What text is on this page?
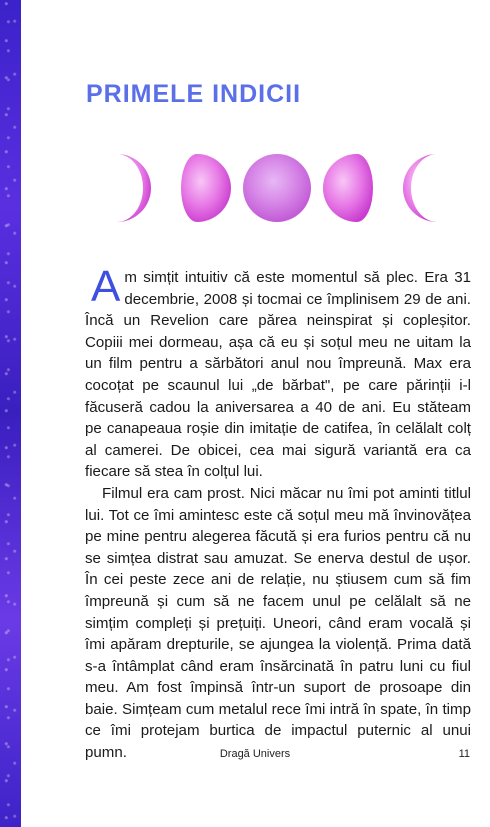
PRIMELE INDICII

Am simțit intuitiv că este momentul să plec. Era 31 decembrie, 2008 și tocmai ce împlinisem 29 de ani. Încă un Revelion care părea neinspirat și copleșitor. Copiii mei dormeau, așa că eu și soțul meu ne uitam la un film pentru a sărbători anul nou împreună. Max era cocoțat pe scaunul lui „de bărbat", pe care părinții i-l făcuseră cadou la aniversarea a 40 de ani. Eu stăteam pe canapeaua roșie din imitație de catifea, în celălalt colț al camerei. De obicei, cea mai sigură variantă era ca fiecare să stea în colțul lui.

Filmul era cam prost. Nici măcar nu îmi pot aminti titlul lui. Tot ce îmi amintesc este că soțul meu mă învinovățea pe mine pentru alegerea făcută și era furios pentru că nu se simțea distrat sau amuzat. Se enerva destul de ușor. În cei peste zece ani de relație, nu știusem cum să fim împreună și cum să ne facem unul pe celălalt să ne simțim compleți și prețuiți. Uneori, când eram vocală și îmi apăram drepturile, se ajungea la violență. Prima dată s-a întâmplat când eram însărcinată în patru luni cu fiul meu. Am fost împinsă într-un suport de prosoape din baie. Simțeam cum metalul rece îmi intră în spate, în timp ce îmi protejam burtica de impactul puternic al unui pumn.	Dragă Univers	11
